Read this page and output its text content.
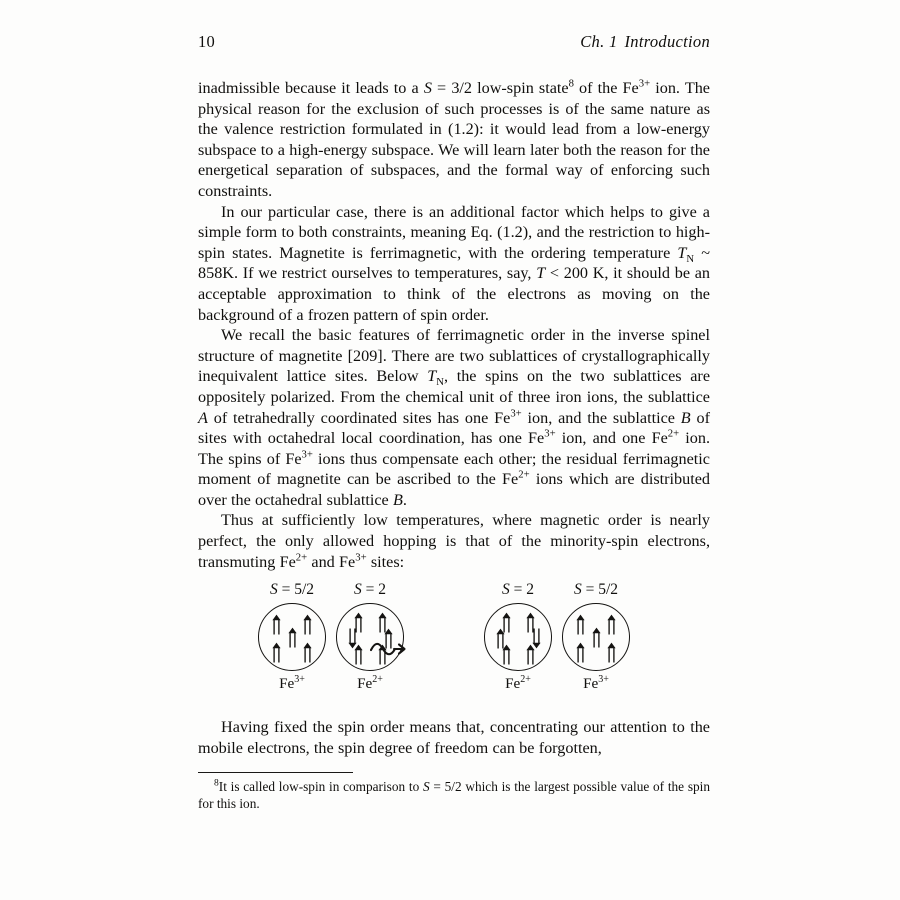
10	Ch. 1 Introduction

inadmissible because it leads to a S = 3/2 low-spin state$^8$ of the $Fe^{3+}$ ion. The physical reason for the exclusion of such processes is of the same nature as the valence restriction formulated in (1.2): it would lead from a low-energy subspace to a high-energy subspace. We will learn later both the reason for the energetical separation of subspaces, and the formal way of enforcing such constraints.

In our particular case, there is an additional factor which helps to give a simple form to both constraints, meaning Eq. (1.2), and the restriction to high-spin states. Magnetite is ferrimagnetic, with the ordering temperature $T_N$ ~ 858K. If we restrict ourselves to temperatures, say, T < 200 K, it should be an acceptable approximation to think of the electrons as moving on the background of a frozen pattern of spin order.

We recall the basic features of ferrimagnetic order in the inverse spinel structure of magnetite [209]. There are two sublattices of crystallographically inequivalent lattice sites. Below $T_N$, the spins on the two sublattices are oppositely polarized. From the chemical unit of three iron ions, the sublattice A of tetrahedrally coordinated sites has one $Fe^{3+}$ ion, and the sublattice B of sites with octahedral local coordination, has one $Fe^{3+}$ ion, and one $Fe^{2+}$ ion. The spins of $Fe^{3+}$ ions thus compensate each other; the residual ferrimagnetic moment of magnetite can be ascribed to the $Fe^{2+}$ ions which are distributed over the octahedral sublattice B.

Thus at sufficiently low temperatures, where magnetic order is nearly perfect, the only allowed hopping is that of the minority-spin electrons, transmuting $Fe^{2+}$ and $Fe^{3+}$ sites:

S = 5/2
$Fe^{3+}$
S = 2
$Fe^{2+}$
S = 2
$Fe^{2+}$
S = 5/2
$Fe^{3+}$

Having fixed the spin order means that, concentrating our attention to the mobile electrons, the spin degree of freedom can be forgotten,

$^8$It is called low-spin in comparison to S = 5/2 which is the largest possible value of the spin for this ion.
